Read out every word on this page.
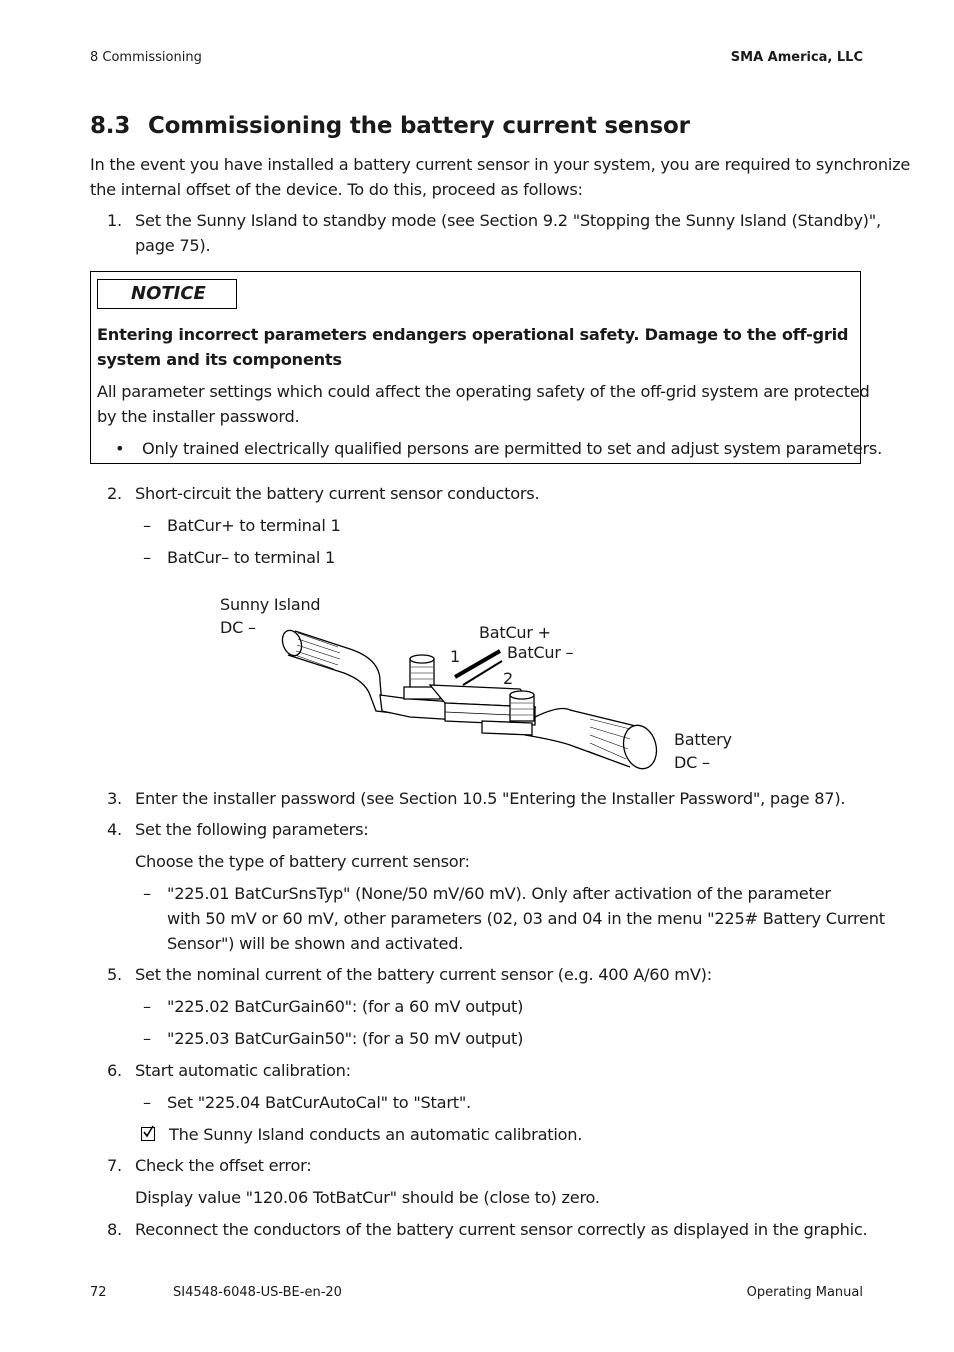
8 Commissioning	SMA America, LLC
8.3 Commissioning the battery current sensor
In the event you have installed a battery current sensor in your system, you are required to synchronize
the internal offset of the device. To do this, proceed as follows:
1. Set the Sunny Island to standby mode (see Section 9.2 "Stopping the Sunny Island (Standby)",
page 75).
NOTICE
Entering incorrect parameters endangers operational safety. Damage to the off-grid
system and its components
All parameter settings which could affect the operating safety of the off-grid system are protected
by the installer password.
• Only trained electrically qualified persons are permitted to set and adjust system parameters.
2. Short-circuit the battery current sensor conductors.
– BatCur+ to terminal 1
– BatCur– to terminal 1
Sunny Island
DC –	BatCur +
BatCur –
1
2
Battery
DC –
3. Enter the installer password (see Section 10.5 "Entering the Installer Password", page 87).
4. Set the following parameters:
Choose the type of battery current sensor:
– "225.01 BatCurSnsTyp" (None/50 mV/60 mV). Only after activation of the parameter
with 50 mV or 60 mV, other parameters (02, 03 and 04 in the menu "225# Battery Current
Sensor") will be shown and activated.
5. Set the nominal current of the battery current sensor (e.g. 400 A/60 mV):
– "225.02 BatCurGain60": (for a 60 mV output)
– "225.03 BatCurGain50": (for a 50 mV output)
6. Start automatic calibration:
– Set "225.04 BatCurAutoCal" to "Start".
The Sunny Island conducts an automatic calibration.
7. Check the offset error:
Display value "120.06 TotBatCur" should be (close to) zero.
8. Reconnect the conductors of the battery current sensor correctly as displayed in the graphic.
72	SI4548-6048-US-BE-en-20	Operating Manual
